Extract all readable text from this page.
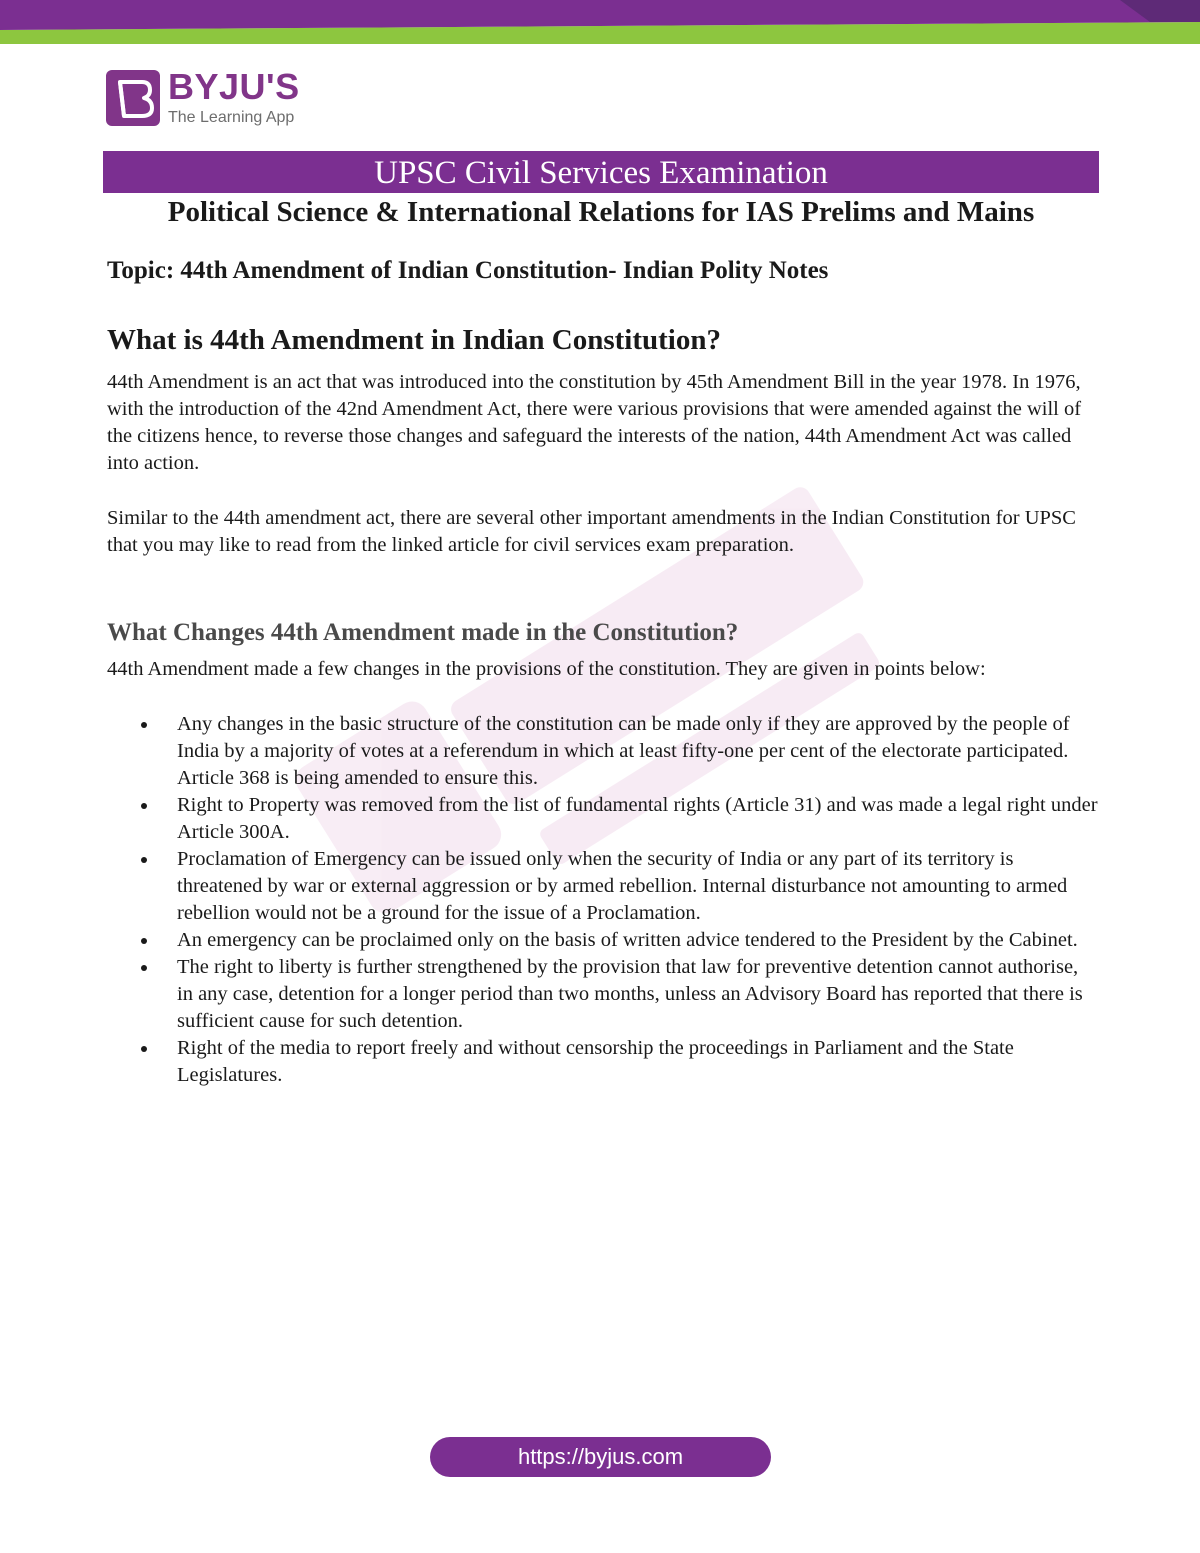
BYJU'S
The Learning App
UPSC Civil Services Examination
Political Science & International Relations for IAS Prelims and Mains
Topic: 44th Amendment of Indian Constitution- Indian Polity Notes
What is 44th Amendment in Indian Constitution?
44th Amendment is an act that was introduced into the constitution by 45th Amendment Bill in the year 1978. In 1976, with the introduction of the 42nd Amendment Act, there were various provisions that were amended against the will of the citizens hence, to reverse those changes and safeguard the interests of the nation, 44th Amendment Act was called into action.
Similar to the 44th amendment act, there are several other important amendments in the Indian Constitution for UPSC that you may like to read from the linked article for civil services exam preparation.
What Changes 44th Amendment made in the Constitution?
44th Amendment made a few changes in the provisions of the constitution. They are given in points below:
Any changes in the basic structure of the constitution can be made only if they are approved by the people of India by a majority of votes at a referendum in which at least fifty-one per cent of the electorate participated. Article 368 is being amended to ensure this.
Right to Property was removed from the list of fundamental rights (Article 31) and was made a legal right under Article 300A.
Proclamation of Emergency can be issued only when the security of India or any part of its territory is threatened by war or external aggression or by armed rebellion. Internal disturbance not amounting to armed rebellion would not be a ground for the issue of a Proclamation.
An emergency can be proclaimed only on the basis of written advice tendered to the President by the Cabinet.
The right to liberty is further strengthened by the provision that law for preventive detention cannot authorise, in any case, detention for a longer period than two months, unless an Advisory Board has reported that there is sufficient cause for such detention.
Right of the media to report freely and without censorship the proceedings in Parliament and the State Legislatures.
https://byjus.com
